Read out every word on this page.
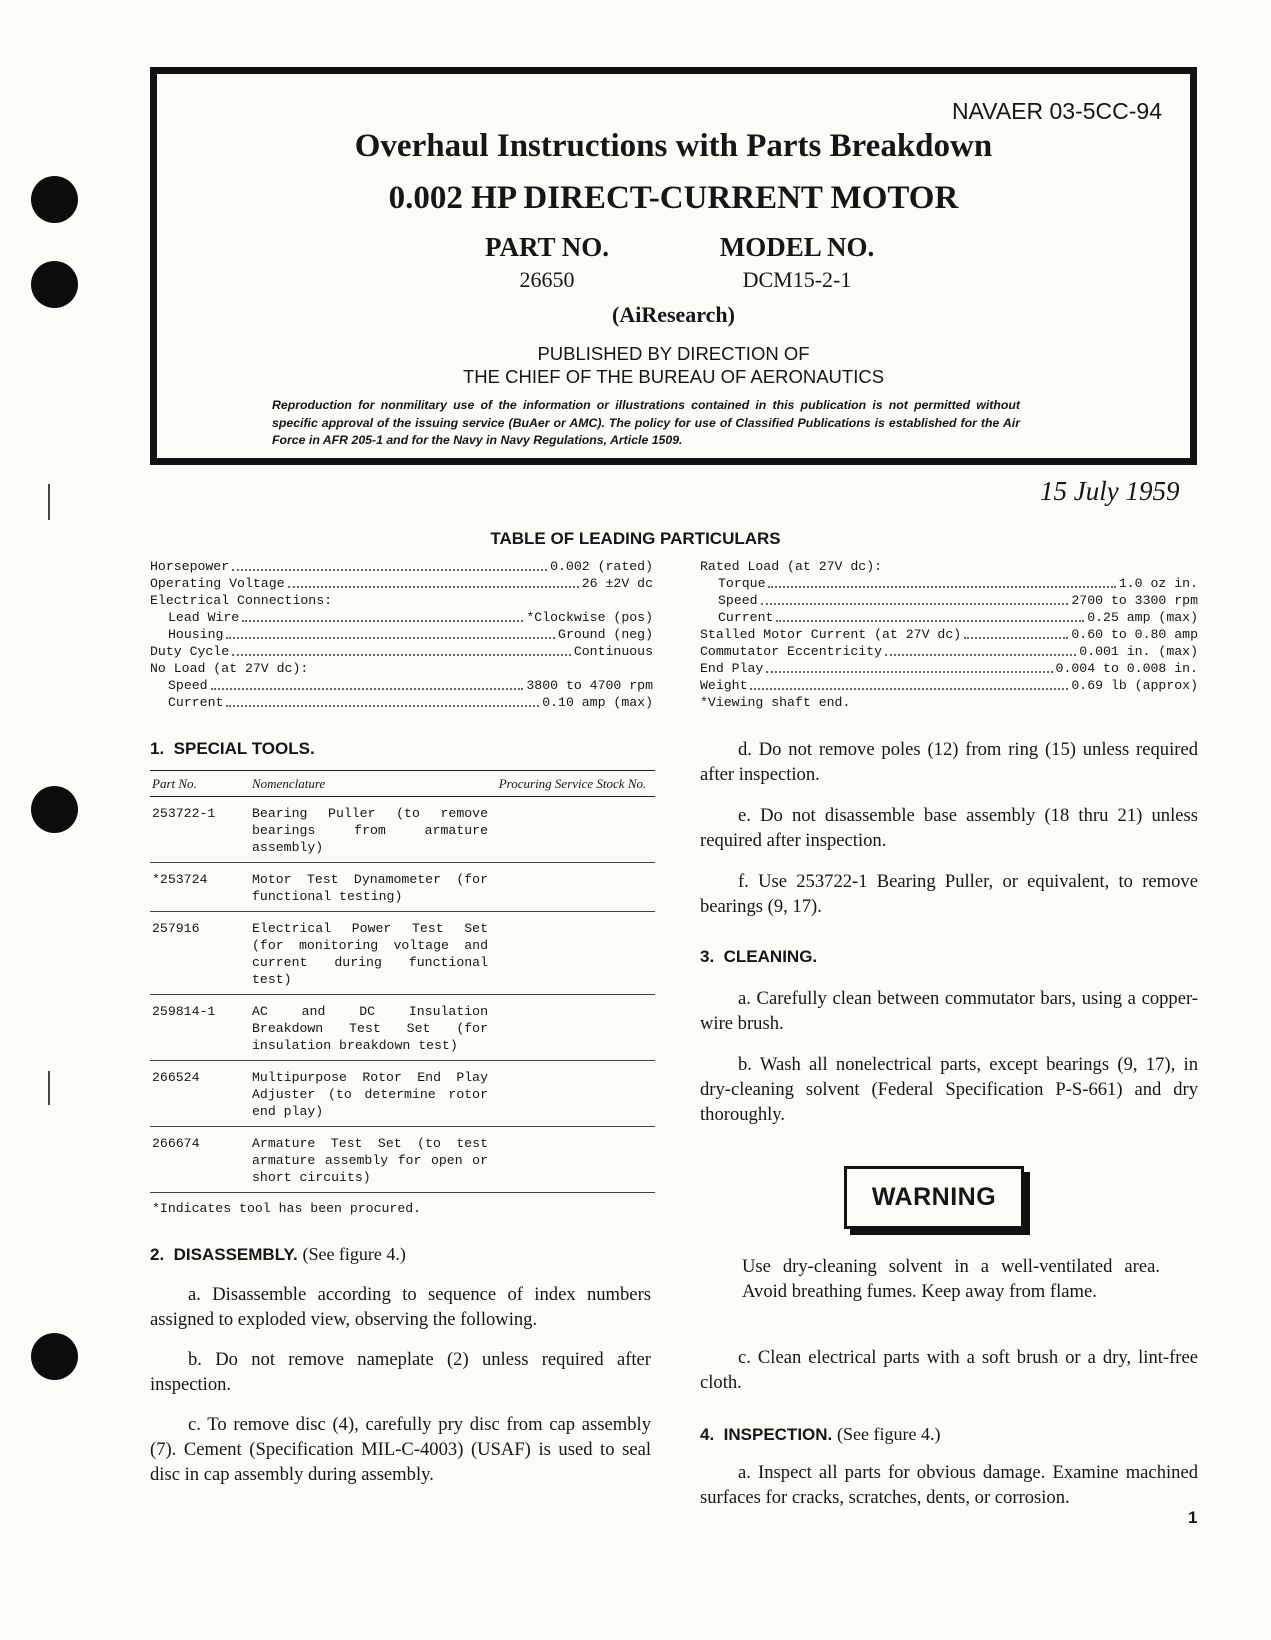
NAVAER 03-5CC-94
Overhaul Instructions with Parts Breakdown
0.002 HP DIRECT-CURRENT MOTOR
PART NO.
26650
MODEL NO.
DCM15-2-1
(AiResearch)
PUBLISHED BY DIRECTION OF
THE CHIEF OF THE BUREAU OF AERONAUTICS
Reproduction for nonmilitary use of the information or illustrations contained in this publication is not permitted without specific approval of the issuing service (BuAer or AMC). The policy for use of Classified Publications is established for the Air Force in AFR 205-1 and for the Navy in Navy Regulations, Article 1509.
15 July 1959
TABLE OF LEADING PARTICULARS
Horsepower	0.002 (rated)
Operating Voltage	26 ±2V dc
Electrical Connections:
Lead Wire	*Clockwise (pos)
Housing	Ground (neg)
Duty Cycle	Continuous
No Load (at 27V dc):
Speed	3800 to 4700 rpm
Current	0.10 amp (max)
Rated Load (at 27V dc):
Torque	1.0 oz in.
Speed	2700 to 3300 rpm
Current	0.25 amp (max)
Stalled Motor Current (at 27V dc)	0.60 to 0.80 amp
Commutator Eccentricity	0.001 in. (max)
End Play	0.004 to 0.008 in.
Weight	0.69 lb (approx)
*Viewing shaft end.
1. SPECIAL TOOLS.
Part No.	Nomenclature	Procuring Service Stock No.
253722-1	Bearing Puller (to remove bearings from armature assembly)	
*253724	Motor Test Dynamometer (for functional testing)	
257916	Electrical Power Test Set (for monitoring voltage and current during functional test)	
259814-1	AC and DC Insulation Breakdown Test Set (for insulation breakdown test)	
266524	Multipurpose Rotor End Play Adjuster (to determine rotor end play)	
266674	Armature Test Set (to test armature assembly for open or short circuits)	
*Indicates tool has been procured.
2. DISASSEMBLY. (See figure 4.)
a. Disassemble according to sequence of index numbers assigned to exploded view, observing the following.
b. Do not remove nameplate (2) unless required after inspection.
c. To remove disc (4), carefully pry disc from cap assembly (7). Cement (Specification MIL-C-4003) (USAF) is used to seal disc in cap assembly during assembly.
d. Do not remove poles (12) from ring (15) unless required after inspection.
e. Do not disassemble base assembly (18 thru 21) unless required after inspection.
f. Use 253722-1 Bearing Puller, or equivalent, to remove bearings (9, 17).
3. CLEANING.
a. Carefully clean between commutator bars, using a copper-wire brush.
b. Wash all nonelectrical parts, except bearings (9, 17), in dry-cleaning solvent (Federal Specification P-S-661) and dry thoroughly.
WARNING
Use dry-cleaning solvent in a well-ventilated area. Avoid breathing fumes. Keep away from flame.
c. Clean electrical parts with a soft brush or a dry, lint-free cloth.
4. INSPECTION. (See figure 4.)
a. Inspect all parts for obvious damage. Examine machined surfaces for cracks, scratches, dents, or corrosion.
1
